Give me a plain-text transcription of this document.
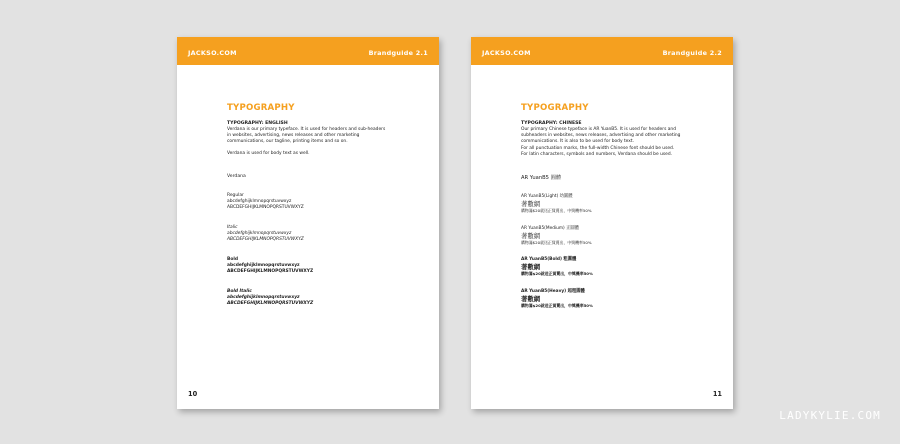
JACKSO.COM	Brandguide 2.1
TYPOGRAPHY
TYPOGRAPHY: ENGLISH
Verdana is our primary typeface. It is used for headers and sub-headers
in websites, advertising, news releases and other marketing
communications, our tagline, printing items and so on.
Verdana is used for body text as well.
Verdana
Regular
abcdefghijklmnopqrstuvwxyz
ABCDEFGHIJKLMNOPQRSTUVWXYZ
Italic
abcdefghijklmnopqrstuvwxyz
ABCDEFGHIJKLMNOPQRSTUVWXYZ
Bold
abcdefghijklmnopqrstuvwxyz
ABCDEFGHIJKLMNOPQRSTUVWXYZ
Bold Italic
abcdefghijklmnopqrstuvwxyz
ABCDEFGHIJKLMNOPQRSTUVWXYZ
10
JACKSO.COM	Brandguide 2.2
TYPOGRAPHY
TYPOGRAPHY: CHINESE
Our primary Chinese typeface is AR YuanB5. It is used for headers and
subheaders in websites, news releases, advertising and other marketing
communications. It is also to be used for body text.
For all punctuation marks, the full-width Chinese font should be used.
For latin characters, symbols and numbers, Verdana should be used.
AR YuanB5 圓體
AR YuanB5(Light) 幼圓體
著數網
購物滿$20就送正貨賣出，中獎機率50%
AR YuanB5(Medium) 正圓體
著數網
購物滿$20就送正貨賣出，中獎機率50%
AR YuanB5(Bold) 粗圓體
著數網
購物滿$20就送正貨賣出，中獎機率50%
AR YuanB5(Heavy) 超粗圓體
著數網
購物滿$20就送正貨賣出，中獎機率50%
11
LADYKYLIE.COM
